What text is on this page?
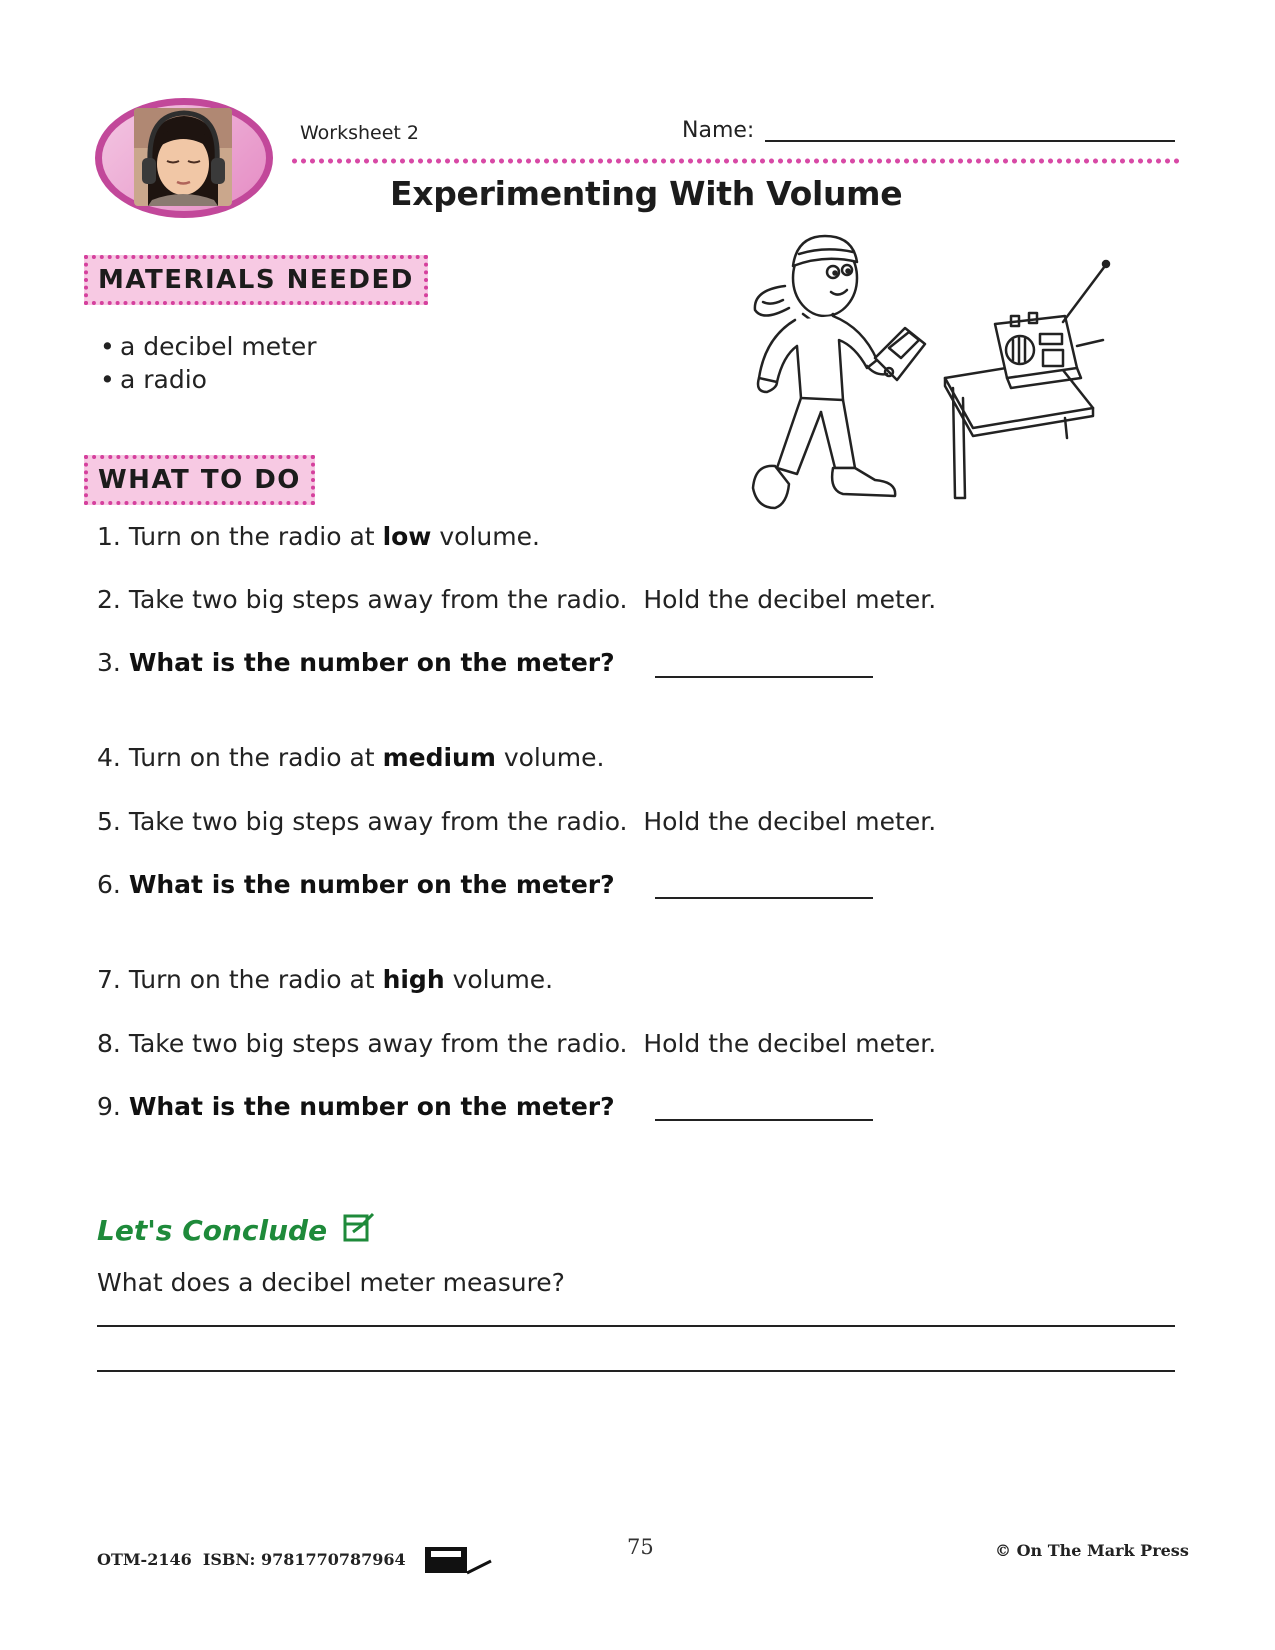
Worksheet 2	Name:
Experimenting With Volume
MATERIALS NEEDED
• a decibel meter
• a radio
WHAT TO DO
1. Turn on the radio at low volume.
2. Take two big steps away from the radio.  Hold the decibel meter.
3. What is the number on the meter?
4. Turn on the radio at medium volume.
5. Take two big steps away from the radio.  Hold the decibel meter.
6. What is the number on the meter?
7. Turn on the radio at high volume.
8. Take two big steps away from the radio.  Hold the decibel meter.
9. What is the number on the meter?
Let's Conclude
What does a decibel meter measure?
OTM-2146  ISBN: 9781770787964
75	© On The Mark Press
